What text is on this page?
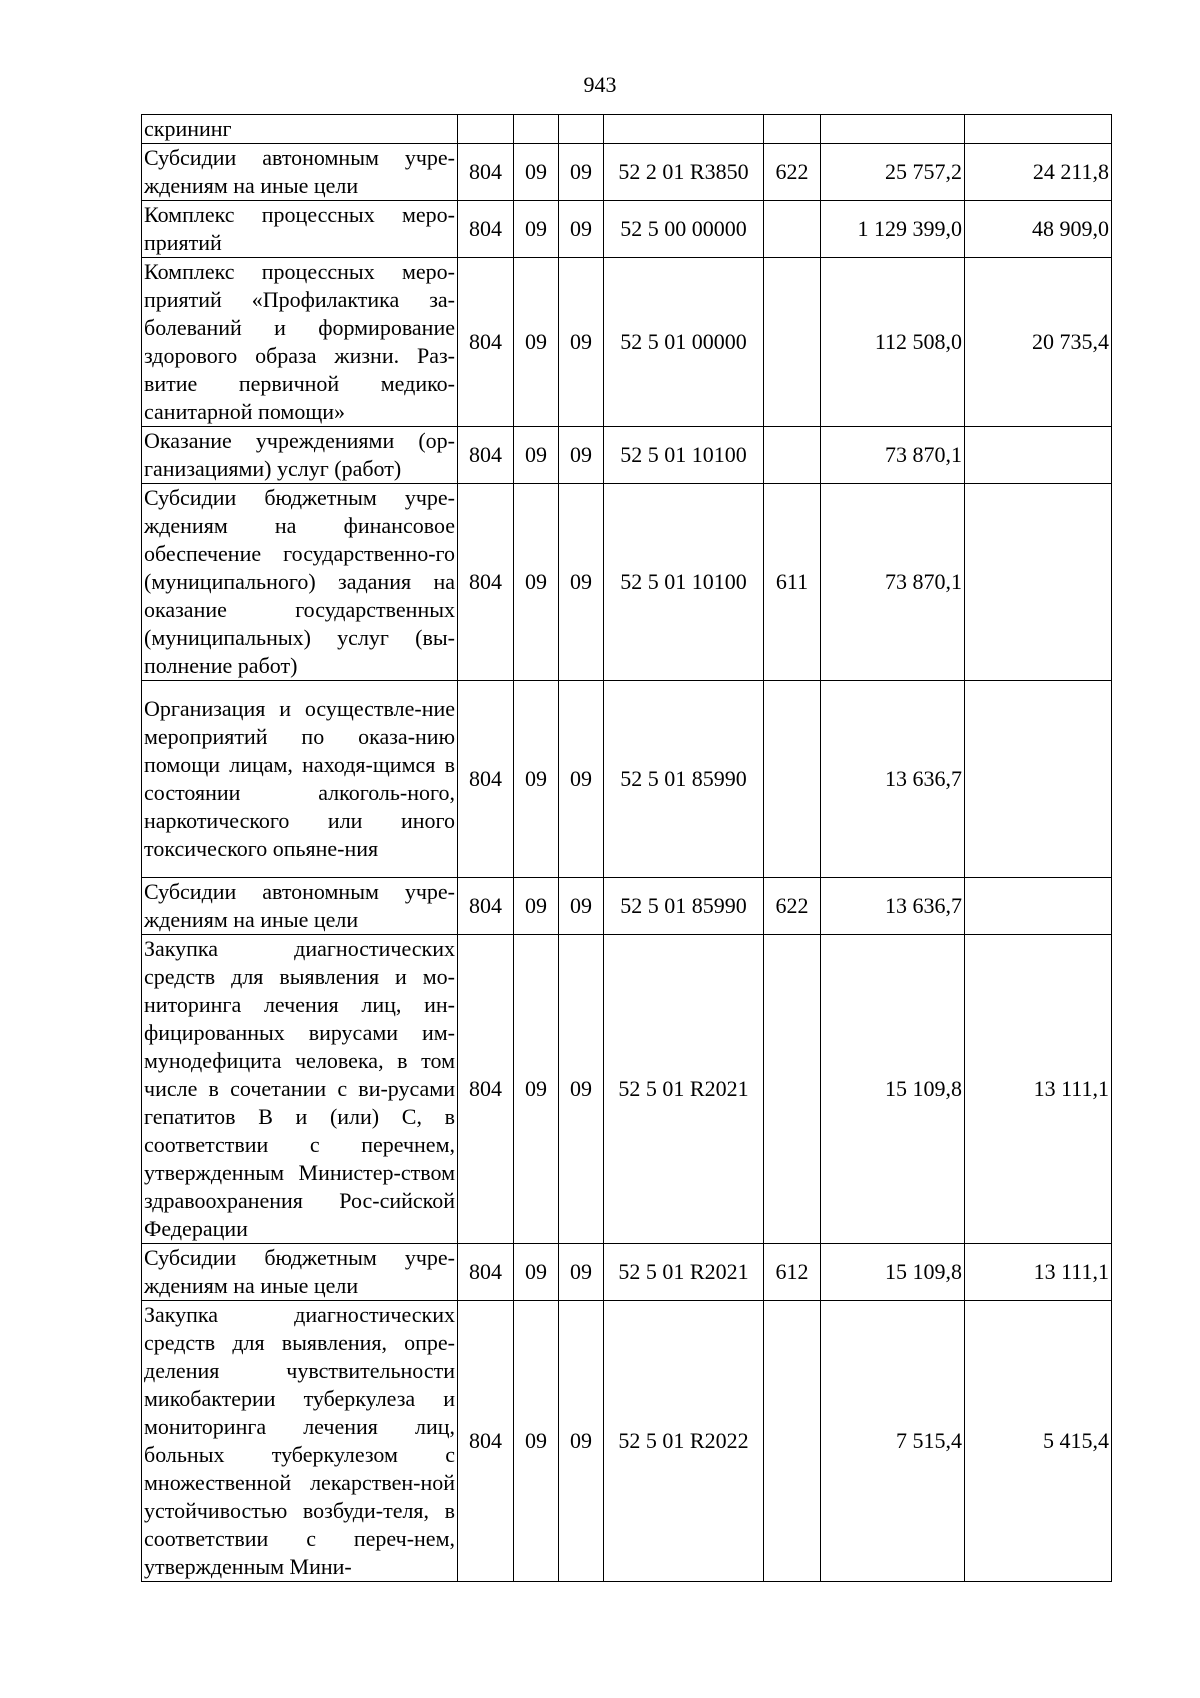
943
скрининг							
Субсидии автономным учре-ждениям на иные цели	804	09	09	52 2 01 R3850	622	25 757,2	24 211,8
Комплекс процессных меро-приятий	804	09	09	52 5 00 00000		1 129 399,0	48 909,0
Комплекс процессных меро-приятий «Профилактика за-болеваний и формирование здорового образа жизни. Раз-витие первичной медико-санитарной помощи»	804	09	09	52 5 01 00000		112 508,0	20 735,4
Оказание учреждениями (ор-ганизациями) услуг (работ)	804	09	09	52 5 01 10100		73 870,1	
Субсидии бюджетным учре-ждениям на финансовое обеспечение государственно-го (муниципального) задания на оказание государственных (муниципальных) услуг (вы-полнение работ)	804	09	09	52 5 01 10100	611	73 870,1	
Организация и осуществле-ние мероприятий по оказа-нию помощи лицам, находя-щимся в состоянии алкоголь-ного, наркотического или иного токсического опьяне-ния	804	09	09	52 5 01 85990		13 636,7	
Субсидии автономным учре-ждениям на иные цели	804	09	09	52 5 01 85990	622	13 636,7	
Закупка диагностических средств для выявления и мо-ниторинга лечения лиц, ин-фицированных вирусами им-мунодефицита человека, в том числе в сочетании с ви-русами гепатитов B и (или) C, в соответствии с перечнем, утвержденным Министер-ством здравоохранения Рос-сийской Федерации	804	09	09	52 5 01 R2021		15 109,8	13 111,1
Субсидии бюджетным учре-ждениям на иные цели	804	09	09	52 5 01 R2021	612	15 109,8	13 111,1
Закупка диагностических средств для выявления, опре-деления чувствительности микобактерии туберкулеза и мониторинга лечения лиц, больных туберкулезом с множественной лекарствен-ной устойчивостью возбуди-теля, в соответствии с переч-нем, утвержденным Мини-	804	09	09	52 5 01 R2022		7 515,4	5 415,4
